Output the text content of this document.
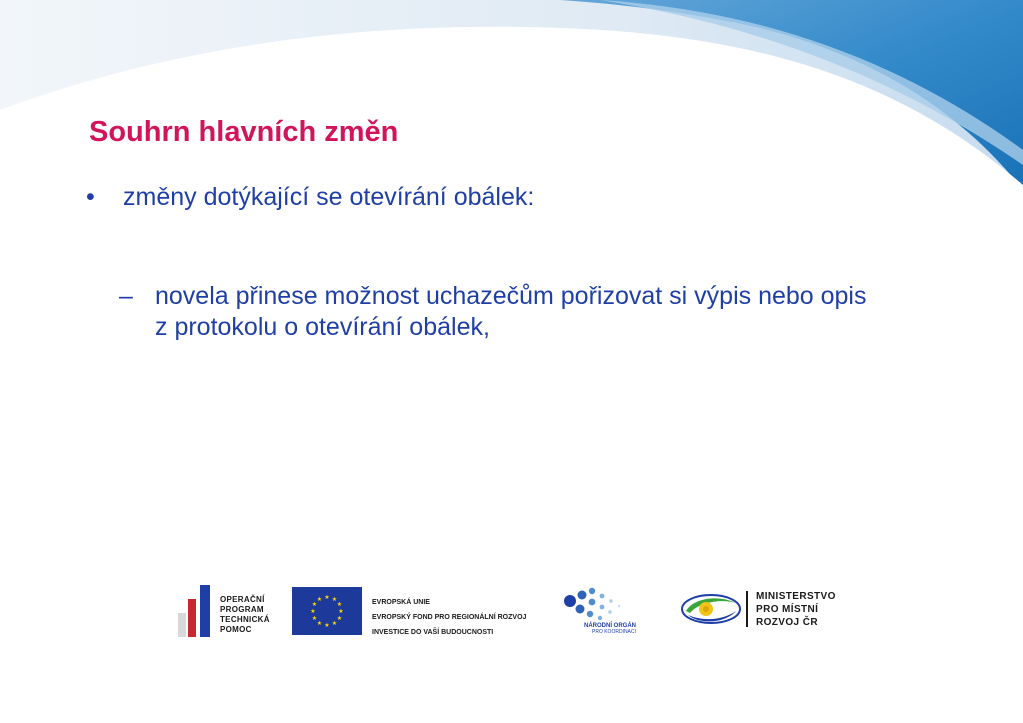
Souhrn hlavních změn
• změny dotýkající se otevírání obálek:
– novela přinese možnost uchazečům pořizovat si výpis nebo opis z protokolu o otevírání obálek,
OPERAČNÍ
PROGRAM
TECHNICKÁ
POMOC
★ ★
★
★
★
★
★
★
★
★
★
★	EVROPSKÁ UNIE
EVROPSKÝ FOND PRO REGIONÁLNÍ ROZVOJ
INVESTICE DO VAŠÍ BUDOUCNOSTI
NÁRODNÍ ORGÁN
PRO KOORDINACI
MINISTERSTVO
PRO MÍSTNÍ
ROZVOJ ČR
